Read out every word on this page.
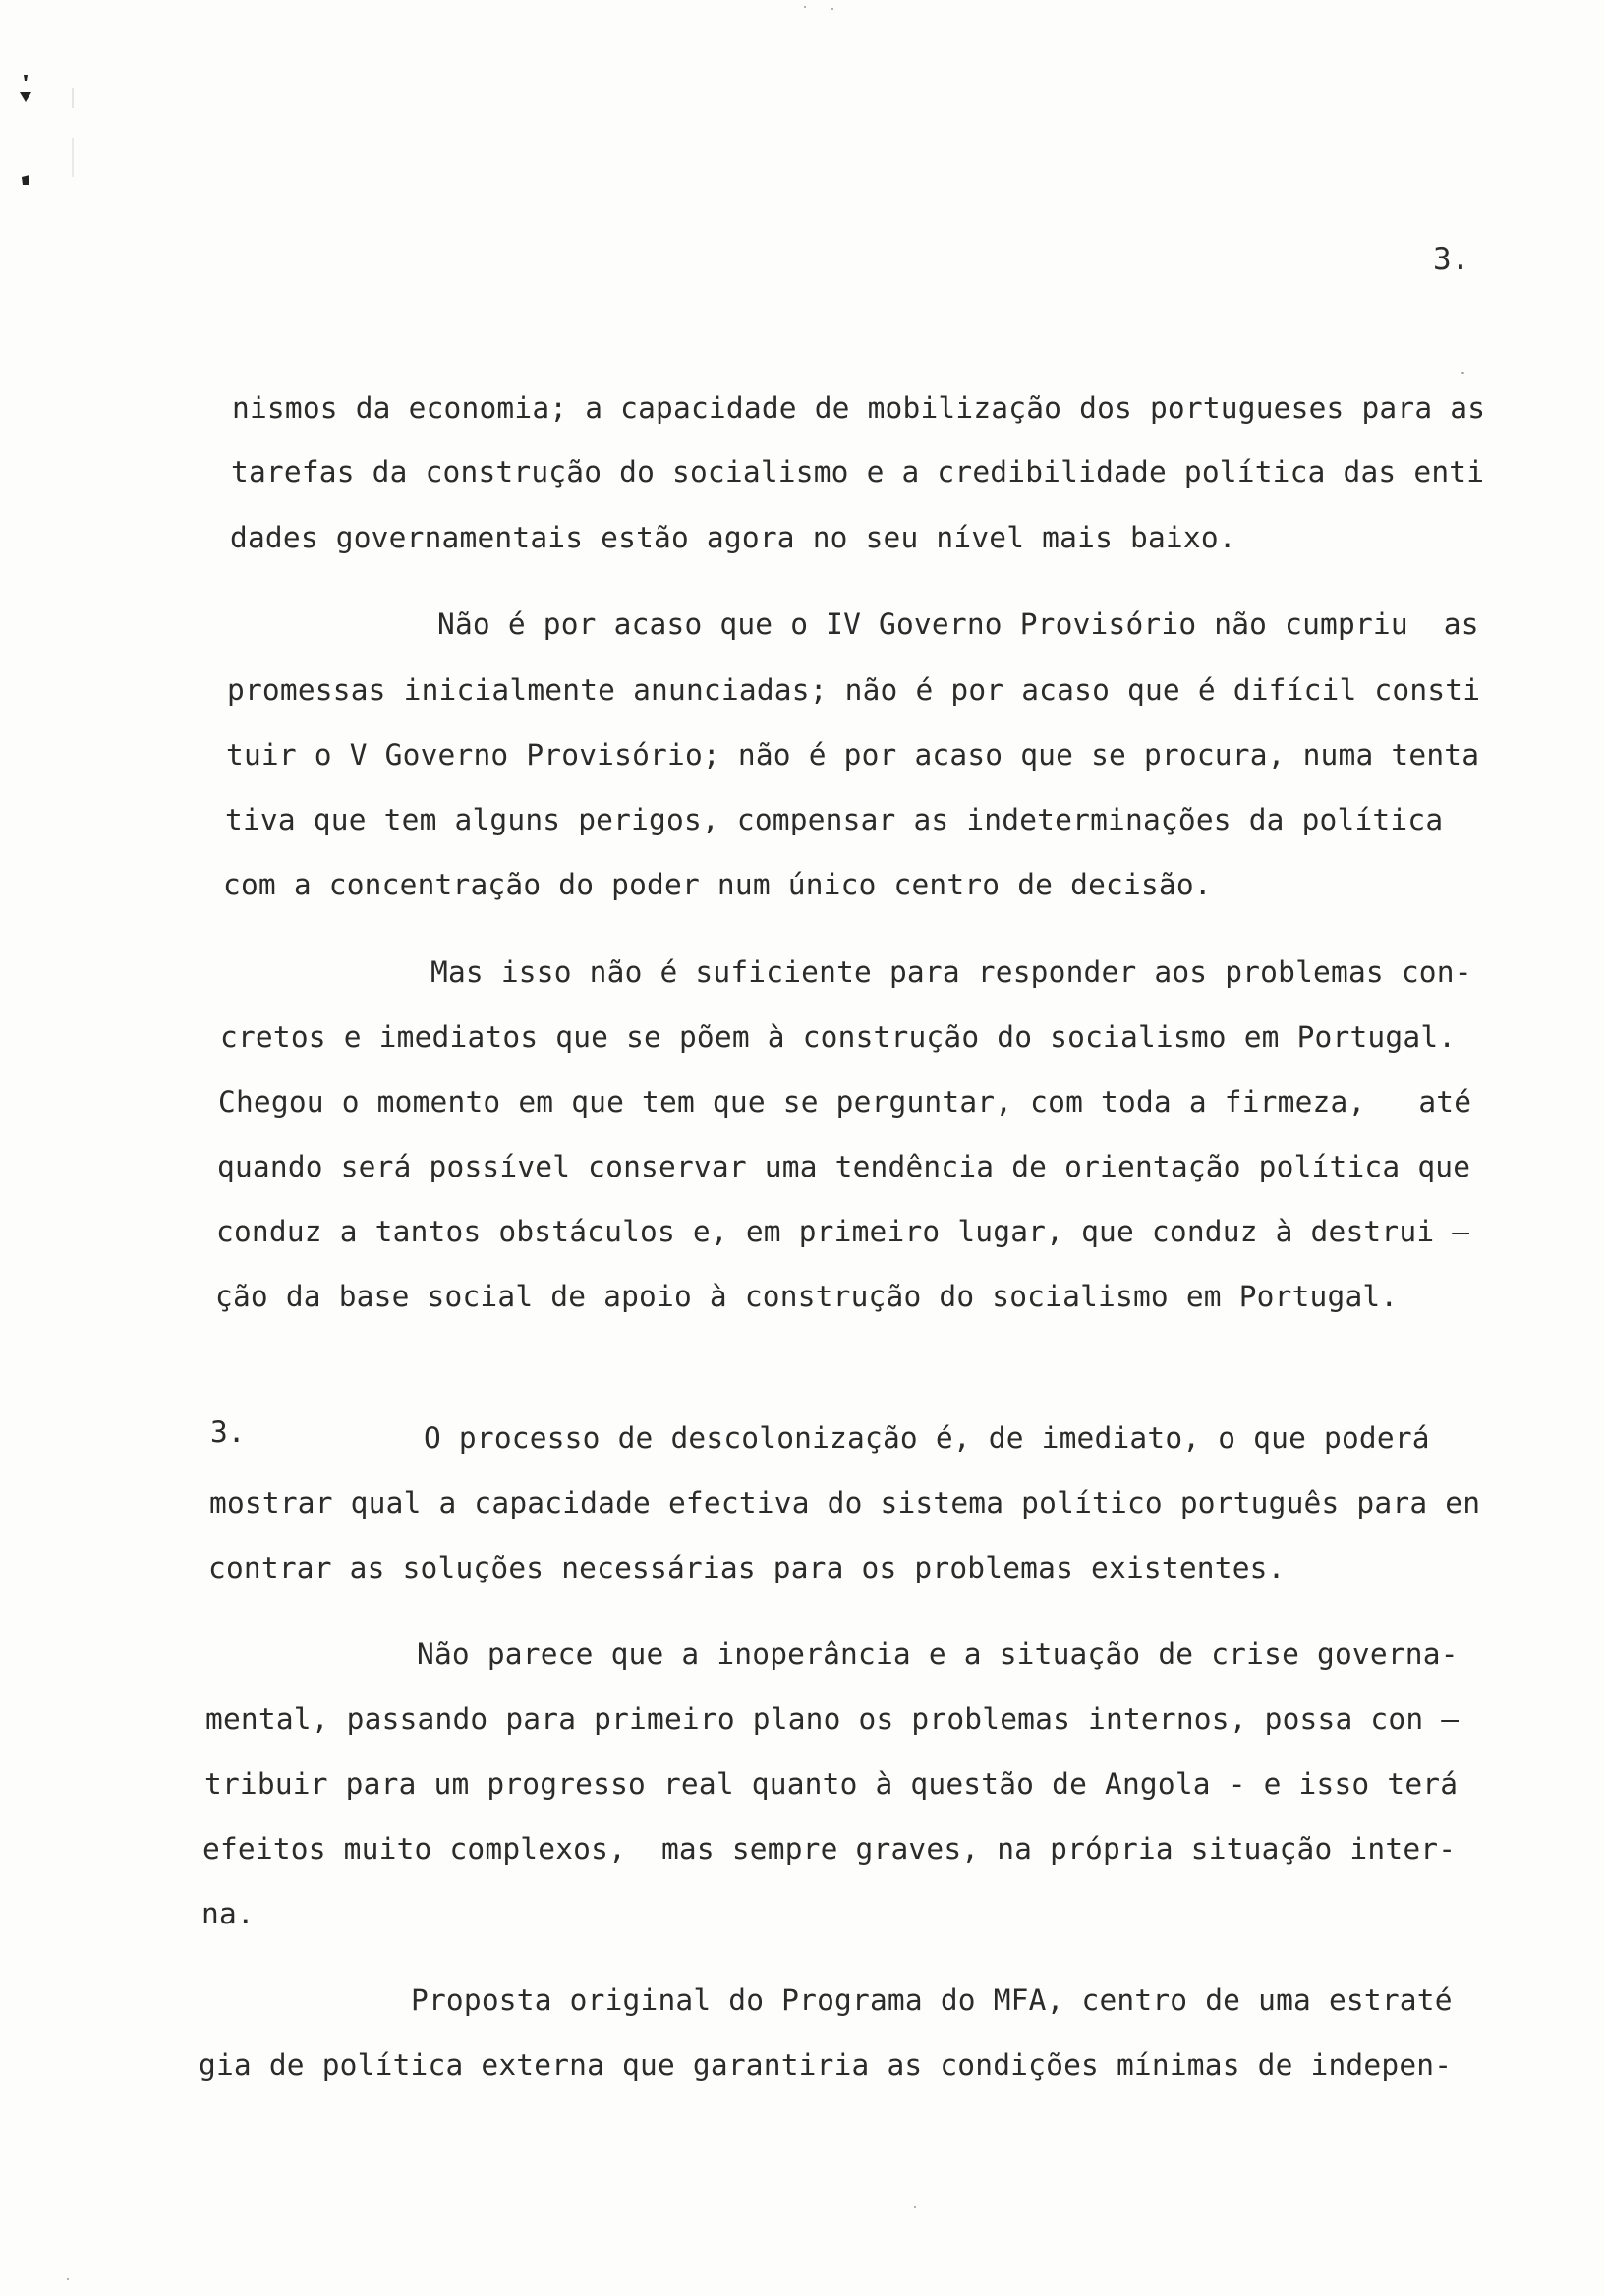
3.
nismos da economia; a capacidade de mobilização dos portugueses para as
tarefas da construção do socialismo e a credibilidade política das enti
dades governamentais estão agora no seu nível mais baixo.
Não é por acaso que o IV Governo Provisório não cumpriu  as
promessas inicialmente anunciadas; não é por acaso que é difícil consti
tuir o V Governo Provisório; não é por acaso que se procura, numa tenta
tiva que tem alguns perigos, compensar as indeterminações da política
com a concentração do poder num único centro de decisão.
Mas isso não é suficiente para responder aos problemas con-
cretos e imediatos que se põem à construção do socialismo em Portugal.
Chegou o momento em que tem que se perguntar, com toda a firmeza,   até
quando será possível conservar uma tendência de orientação política que
conduz a tantos obstáculos e, em primeiro lugar, que conduz à destrui —
ção da base social de apoio à construção do socialismo em Portugal.
3.	O processo de descolonização é, de imediato, o que poderá
mostrar qual a capacidade efectiva do sistema político português para en
contrar as soluções necessárias para os problemas existentes.
Não parece que a inoperância e a situação de crise governa-
mental, passando para primeiro plano os problemas internos, possa con —
tribuir para um progresso real quanto à questão de Angola - e isso terá
efeitos muito complexos,  mas sempre graves, na própria situação inter-
na.
Proposta original do Programa do MFA, centro de uma estraté
gia de política externa que garantiria as condições mínimas de indepen-
